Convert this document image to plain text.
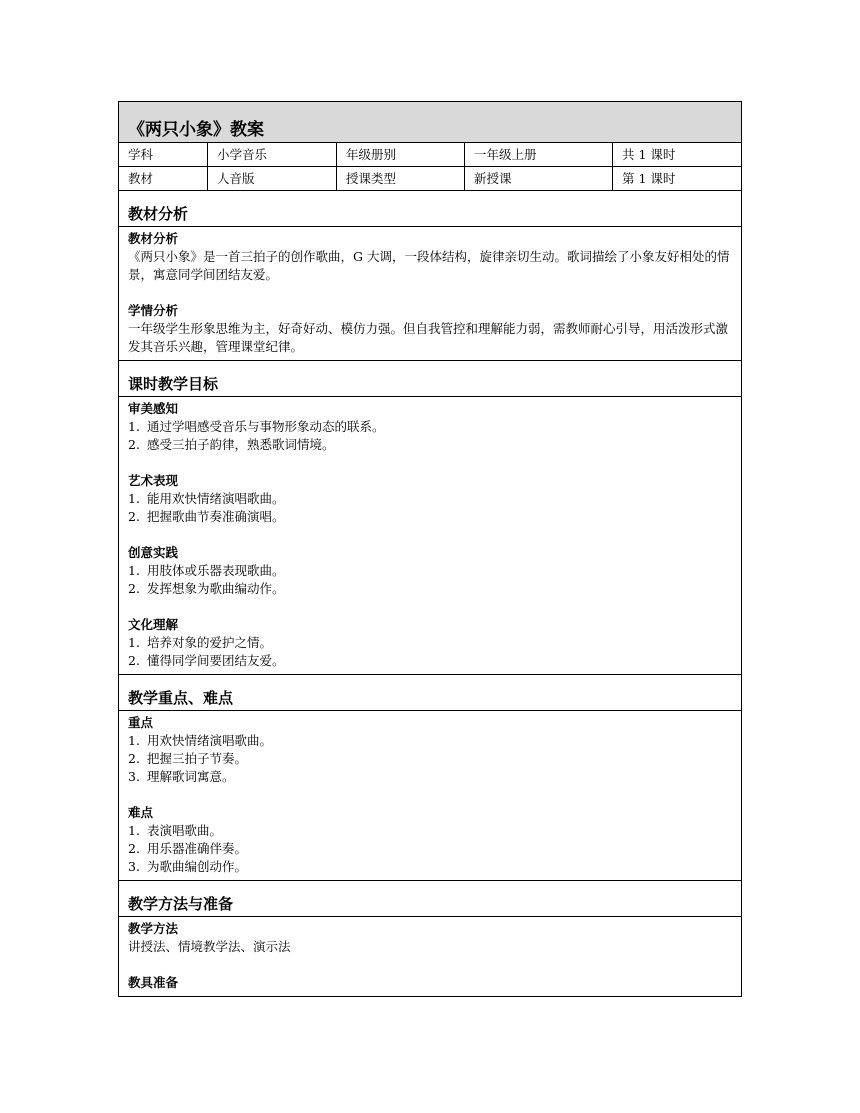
《两只小象》教案
学科	小学音乐	年级册别	一年级上册	共 1 课时
教材	人音版	授课类型	新授课	第 1 课时
教材分析
教材分析

《两只小象》是一首三拍子的创作歌曲，G 大调，一段体结构，旋律亲切生动。歌词描绘了小象友好相处的情景，寓意同学间团结友爱。

学情分析

一年级学生形象思维为主，好奇好动、模仿力强。但自我管控和理解能力弱，需教师耐心引导，用活泼形式激发其音乐兴趣，管理课堂纪律。

课时教学目标
审美感知
1. 通过学唱感受音乐与事物形象动态的联系。
2. 感受三拍子韵律，熟悉歌词情境。
艺术表现
1. 能用欢快情绪演唱歌曲。
2. 把握歌曲节奏准确演唱。
创意实践
1. 用肢体或乐器表现歌曲。
2. 发挥想象为歌曲编动作。
文化理解
1. 培养对象的爱护之情。
2. 懂得同学间要团结友爱。
教学重点、难点
重点
1. 用欢快情绪演唱歌曲。
2. 把握三拍子节奏。
3. 理解歌词寓意。
难点
1. 表演唱歌曲。
2. 用乐器准确伴奏。
3. 为歌曲编创动作。
教学方法与准备
教学方法

讲授法、情境教学法、演示法

教具准备
